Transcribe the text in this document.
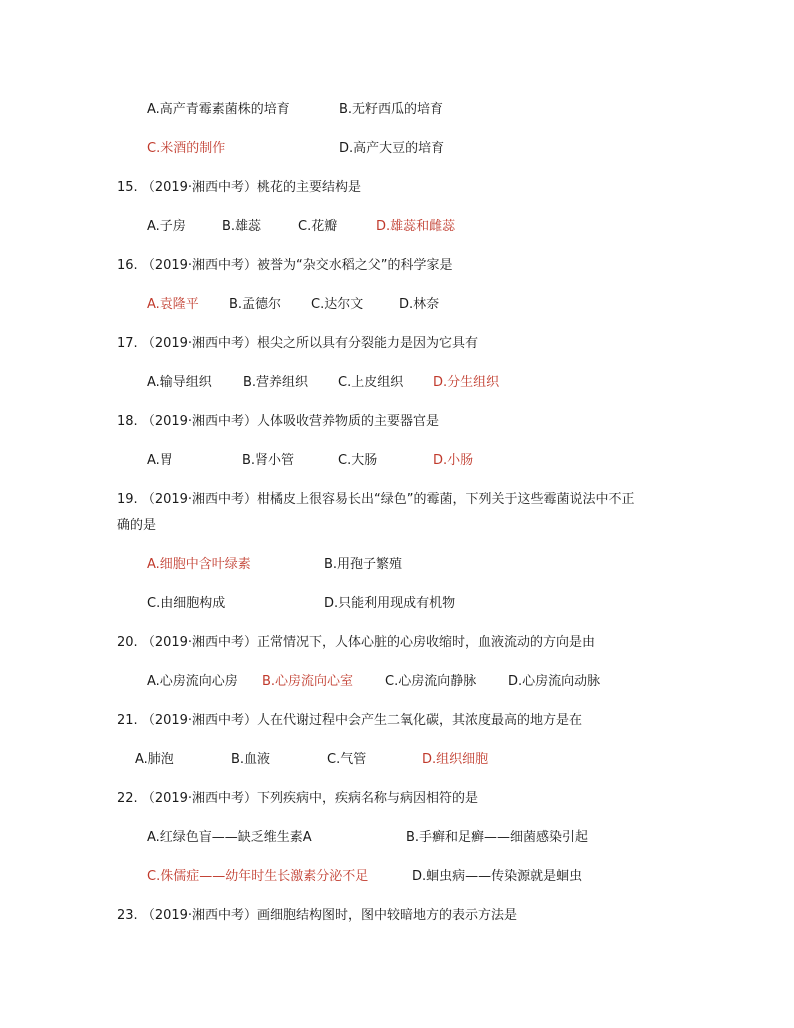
A.高产青霉素菌株的培育	B.无籽西瓜的培育
C.米酒的制作	D.高产大豆的培育
15. （2019·湘西中考）桃花的主要结构是
A.子房	B.雄蕊	C.花瓣	D.雄蕊和雌蕊
16. （2019·湘西中考）被誉为“杂交水稻之父”的科学家是
A.袁隆平 B.孟德尔 C.达尔文	D.林奈
17. （2019·湘西中考）根尖之所以具有分裂能力是因为它具有
A.输导组织 B.营养组织 C.上皮组织 D.分生组织
18. （2019·湘西中考）人体吸收营养物质的主要器官是
A.胃	B.肾小管	C.大肠	D.小肠
19. （2019·湘西中考）柑橘皮上很容易长出“绿色”的霉菌，下列关于这些霉菌说法中不正
确的是
A.细胞中含叶绿素	B.用孢子繁殖
C.由细胞构成	D.只能利用现成有机物
20. （2019·湘西中考）正常情况下，人体心脏的心房收缩时，血液流动的方向是由
A.心房流向心房 B.心房流向心室 C.心房流向静脉 D.心房流向动脉
21. （2019·湘西中考）人在代谢过程中会产生二氧化碳，其浓度最高的地方是在
A.肺泡	B.血液	C.气管	D.组织细胞
22. （2019·湘西中考）下列疾病中，疾病名称与病因相符的是
A.红绿色盲——缺乏维生素A	B.手癣和足癣——细菌感染引起
C.侏儒症——幼年时生长激素分泌不足	D.蛔虫病——传染源就是蛔虫
23. （2019·湘西中考）画细胞结构图时，图中较暗地方的表示方法是
